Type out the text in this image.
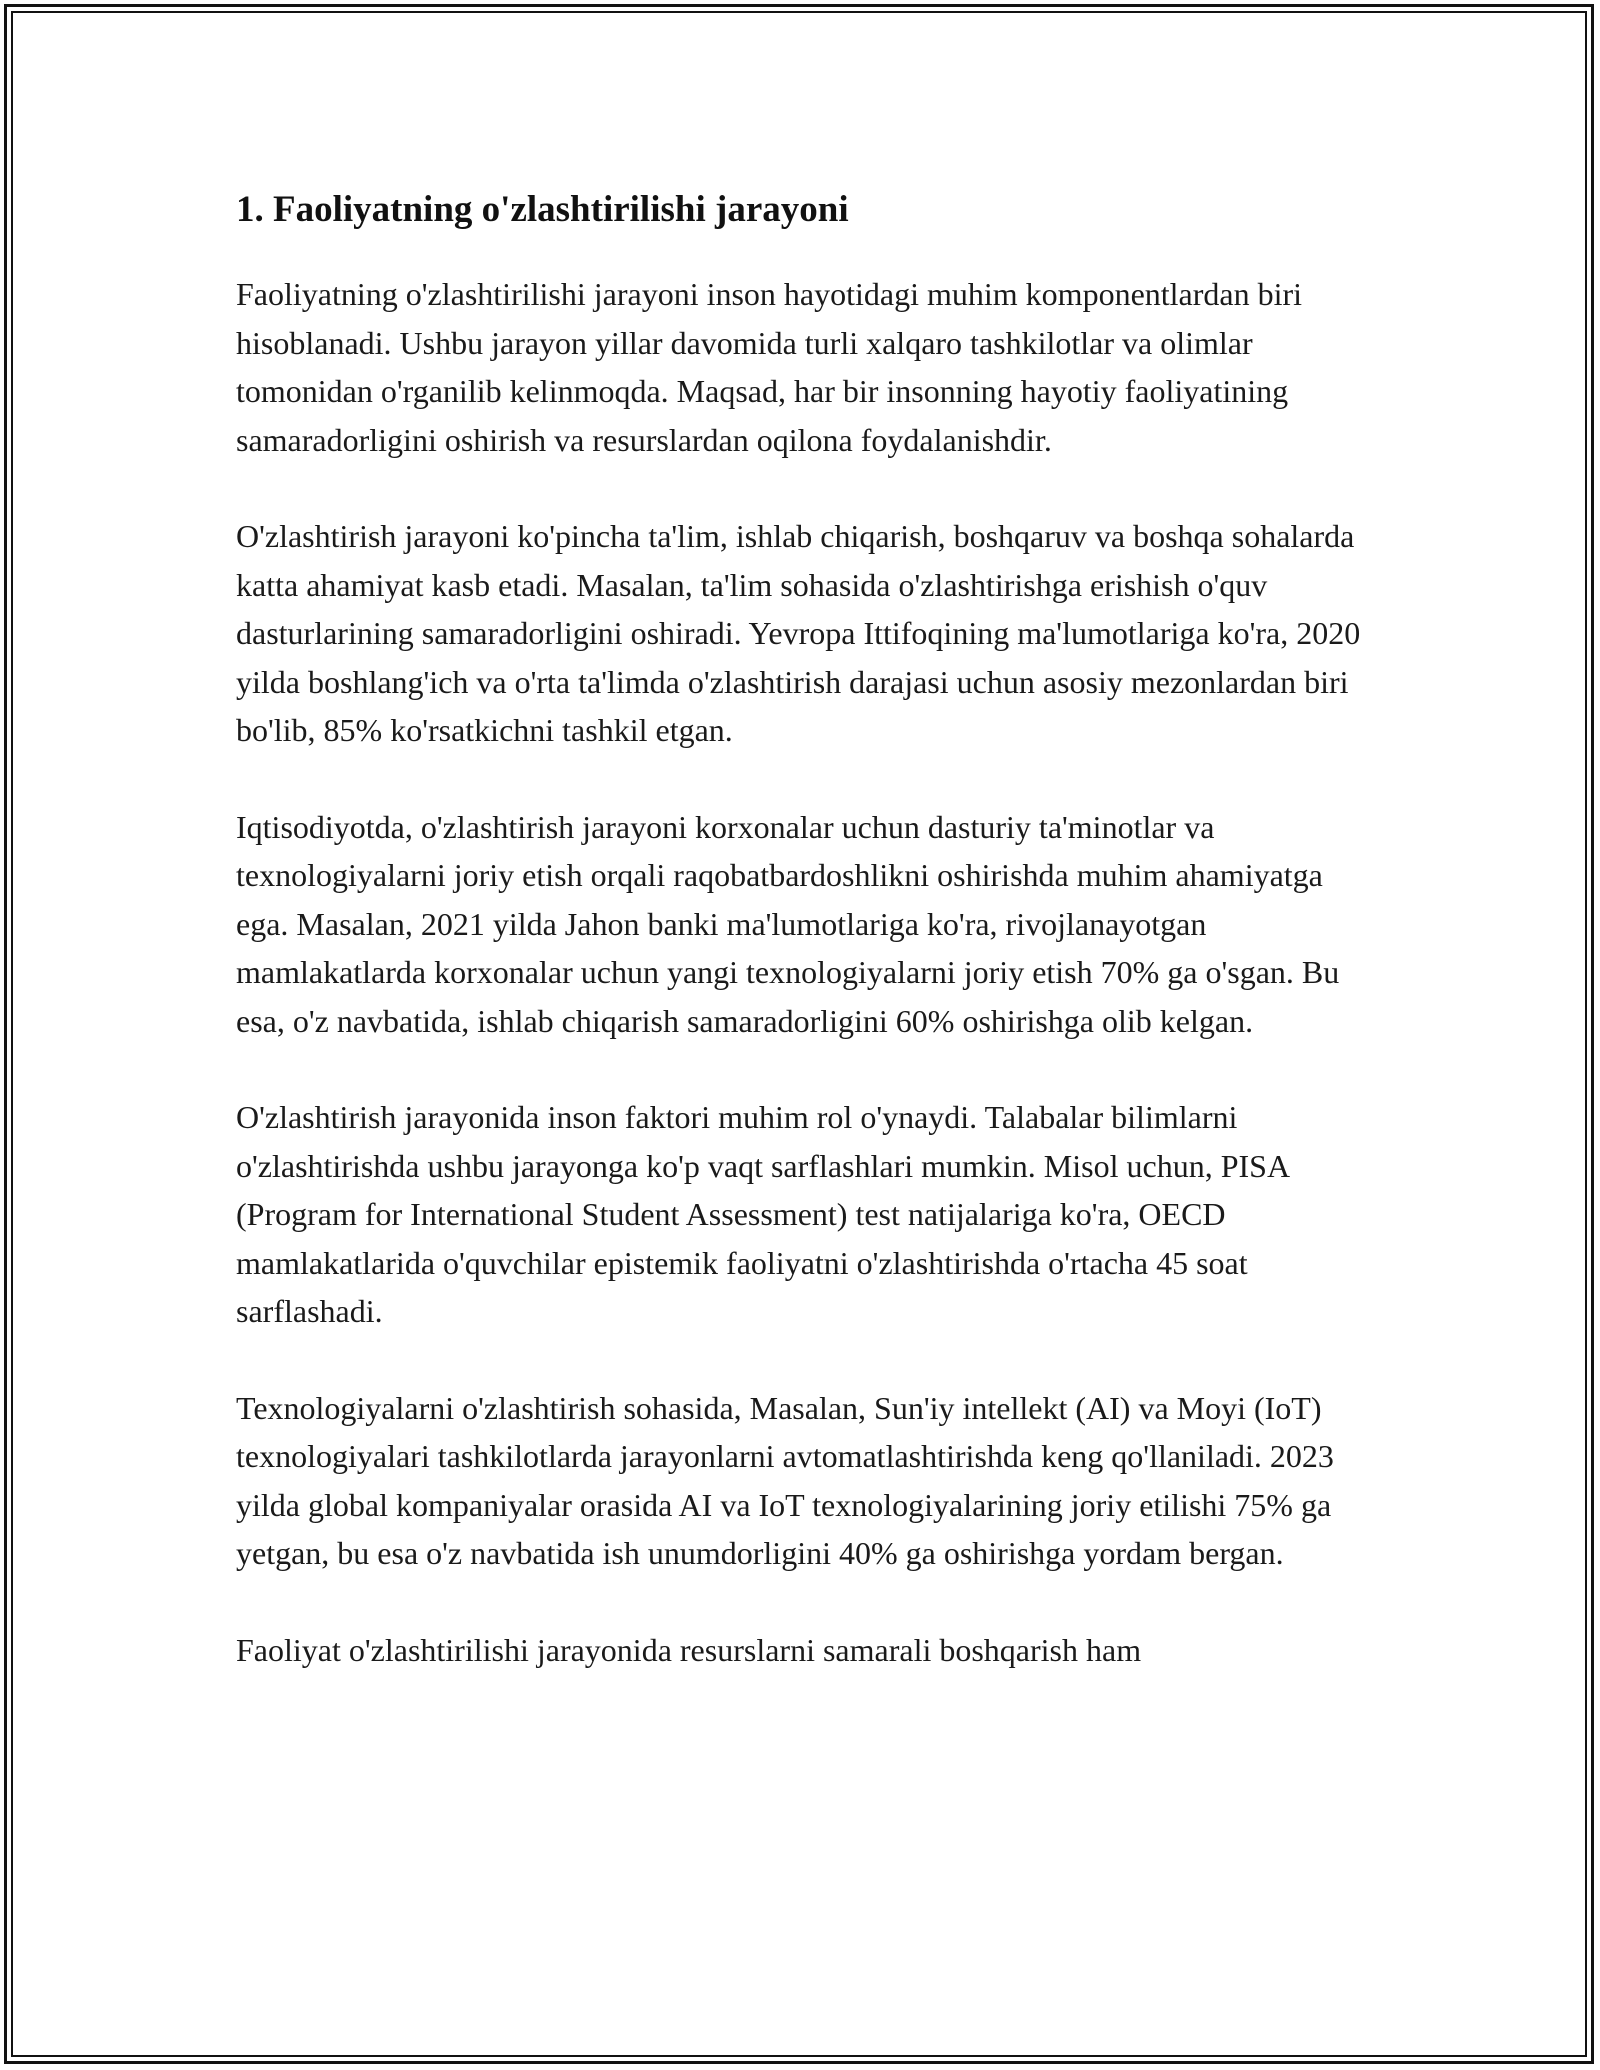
1. Faoliyatning o'zlashtirilishi jarayoni

Faoliyatning o'zlashtirilishi jarayoni inson hayotidagi muhim komponentlardan biri hisoblanadi. Ushbu jarayon yillar davomida turli xalqaro tashkilotlar va olimlar tomonidan o'rganilib kelinmoqda. Maqsad, har bir insonning hayotiy faoliyatining samaradorligini oshirish va resurslardan oqilona foydalanishdir.

O'zlashtirish jarayoni ko'pincha ta'lim, ishlab chiqarish, boshqaruv va boshqa sohalarda katta ahamiyat kasb etadi. Masalan, ta'lim sohasida o'zlashtirishga erishish o'quv dasturlarining samaradorligini oshiradi. Yevropa Ittifoqining ma'lumotlariga ko'ra, 2020 yilda boshlang'ich va o'rta ta'limda o'zlashtirish darajasi uchun asosiy mezonlardan biri bo'lib, 85% ko'rsatkichni tashkil etgan.

Iqtisodiyotda, o'zlashtirish jarayoni korxonalar uchun dasturiy ta'minotlar va texnologiyalarni joriy etish orqali raqobatbardoshlikni oshirishda muhim ahamiyatga ega. Masalan, 2021 yilda Jahon banki ma'lumotlariga ko'ra, rivojlanayotgan mamlakatlarda korxonalar uchun yangi texnologiyalarni joriy etish 70% ga o'sgan. Bu esa, o'z navbatida, ishlab chiqarish samaradorligini 60% oshirishga olib kelgan.

O'zlashtirish jarayonida inson faktori muhim rol o'ynaydi. Talabalar bilimlarni o'zlashtirishda ushbu jarayonga ko'p vaqt sarflashlari mumkin. Misol uchun, PISA (Program for International Student Assessment) test natijalariga ko'ra, OECD mamlakatlarida o'quvchilar epistemik faoliyatni o'zlashtirishda o'rtacha 45 soat sarflashadi.

Texnologiyalarni o'zlashtirish sohasida, Masalan, Sun'iy intellekt (AI) va Moyi (IoT) texnologiyalari tashkilotlarda jarayonlarni avtomatlashtirishda keng qo'llaniladi. 2023 yilda global kompaniyalar orasida AI va IoT texnologiyalarining joriy etilishi 75% ga yetgan, bu esa o'z navbatida ish unumdorligini 40% ga oshirishga yordam bergan.

Faoliyat o'zlashtirilishi jarayonida resurslarni samarali boshqarish ham
